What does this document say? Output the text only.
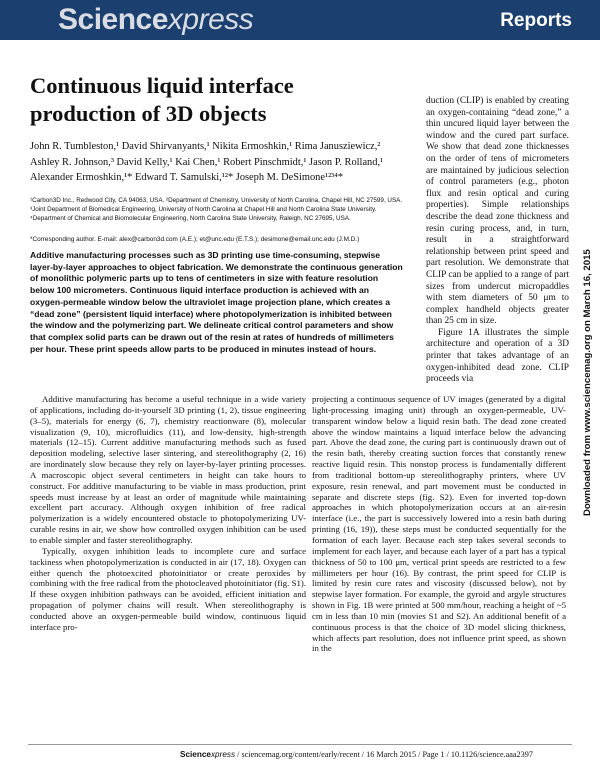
Sciencexpress	Reports
Continuous liquid interface production of 3D objects
John R. Tumbleston,¹ David Shirvanyants,¹ Nikita Ermoshkin,¹ Rima Janusziewicz,² Ashley R. Johnson,³ David Kelly,¹ Kai Chen,¹ Robert Pinschmidt,¹ Jason P. Rolland,¹ Alexander Ermoshkin,¹* Edward T. Samulski,¹²* Joseph M. DeSimone¹²³⁴*
¹Carbon3D Inc., Redwood City, CA 94063, USA. ²Department of Chemistry, University of North Carolina, Chapel Hill, NC 27599, USA. ³Joint Department of Biomedical Engineering, University of North Carolina at Chapel Hill and North Carolina State University. ⁴Department of Chemical and Biomolecular Engineering, North Carolina State University, Raleigh, NC 27695, USA.
*Corresponding author. E-mail: alex@carbon3d.com (A.E.); et@unc.edu (E.T.S.); desimone@email.unc.edu (J.M.D.)
Additive manufacturing processes such as 3D printing use time-consuming, stepwise layer-by-layer approaches to object fabrication. We demonstrate the continuous generation of monolithic polymeric parts up to tens of centimeters in size with feature resolution below 100 micrometers. Continuous liquid interface production is achieved with an oxygen-permeable window below the ultraviolet image projection plane, which creates a “dead zone” (persistent liquid interface) where photopolymerization is inhibited between the window and the polymerizing part. We delineate critical control parameters and show that complex solid parts can be drawn out of the resin at rates of hundreds of millimeters per hour. These print speeds allow parts to be produced in minutes instead of hours.

duction (CLIP) is enabled by creating an oxygen-containing “dead zone,” a thin uncured liquid layer between the window and the cured part surface. We show that dead zone thicknesses on the order of tens of micrometers are maintained by judicious selection of control parameters (e.g., photon flux and resin optical and curing properties). Simple relationships describe the dead zone thickness and resin curing process, and, in turn, result in a straightforward relationship between print speed and part resolution. We demonstrate that CLIP can be applied to a range of part sizes from undercut micropaddles with stem diameters of 50 μm to complex handheld objects greater than 25 cm in size.

Figure 1A illustrates the simple architecture and operation of a 3D printer that takes advantage of an oxygen-inhibited dead zone. CLIP proceeds via

Additive manufacturing has become a useful technique in a wide variety of applications, including do-it-yourself 3D printing (1, 2), tissue engineering (3–5), materials for energy (6, 7), chemistry reactionware (8), molecular visualization (9, 10), microfluidics (11), and low-density, high-strength materials (12–15). Current additive manufacturing methods such as fused deposition modeling, selective laser sintering, and stereolithography (2, 16) are inordinately slow because they rely on layer-by-layer printing processes. A macroscopic object several centimeters in height can take hours to construct. For additive manufacturing to be viable in mass production, print speeds must increase by at least an order of magnitude while maintaining excellent part accuracy. Although oxygen inhibition of free radical polymerization is a widely encountered obstacle to photopolymerizing UV-curable resins in air, we show how controlled oxygen inhibition can be used to enable simpler and faster stereolithography.

Typically, oxygen inhibition leads to incomplete cure and surface tackiness when photopolymerization is conducted in air (17, 18). Oxygen can either quench the photoexcited photoinitiator or create peroxides by combining with the free radical from the photocleaved photoinitiator (fig. S1). If these oxygen inhibition pathways can be avoided, efficient initiation and propagation of polymer chains will result. When stereolithography is conducted above an oxygen-permeable build window, continuous liquid interface pro-

projecting a continuous sequence of UV images (generated by a digital light-processing imaging unit) through an oxygen-permeable, UV-transparent window below a liquid resin bath. The dead zone created above the window maintains a liquid interface below the advancing part. Above the dead zone, the curing part is continuously drawn out of the resin bath, thereby creating suction forces that constantly renew reactive liquid resin. This nonstop process is fundamentally different from traditional bottom-up stereolithography printers, where UV exposure, resin renewal, and part movement must be conducted in separate and discrete steps (fig. S2). Even for inverted top-down approaches in which photopolymerization occurs at an air-resin interface (i.e., the part is successively lowered into a resin bath during printing (16, 19)), these steps must be conducted sequentially for the formation of each layer. Because each step takes several seconds to implement for each layer, and because each layer of a part has a typical thickness of 50 to 100 μm, vertical print speeds are restricted to a few millimeters per hour (16). By contrast, the print speed for CLIP is limited by resin cure rates and viscosity (discussed below), not by stepwise layer formation. For example, the gyroid and argyle structures shown in Fig. 1B were printed at 500 mm/hour, reaching a height of ~5 cm in less than 10 min (movies S1 and S2). An additional benefit of a continuous process is that the choice of 3D model slicing thickness, which affects part resolution, does not influence print speed, as shown in the

Downloaded from www.sciencemag.org on March 16, 2015
Sciencexpress / sciencemag.org/content/early/recent / 16 March 2015 / Page 1 / 10.1126/science.aaa2397
